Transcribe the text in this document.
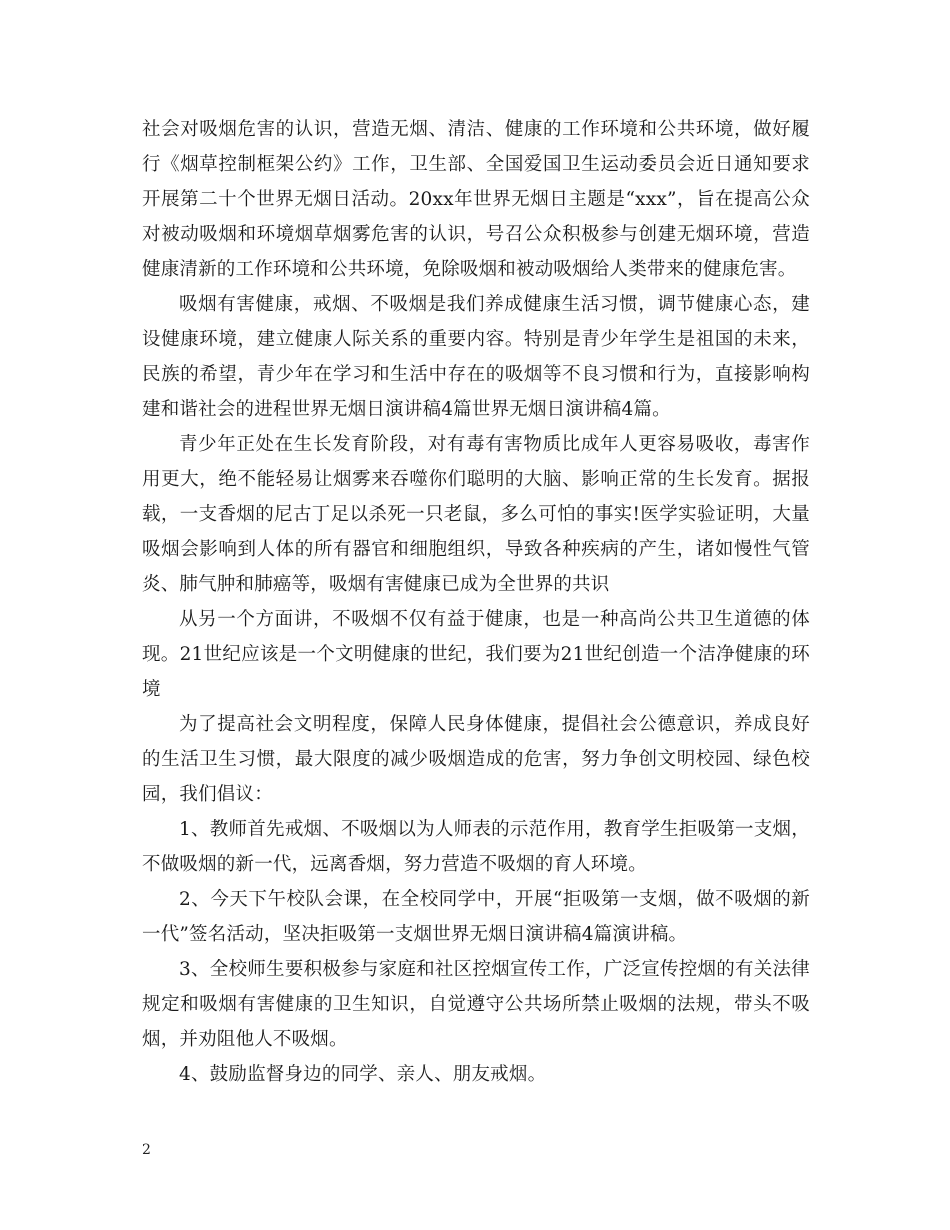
社会对吸烟危害的认识，营造无烟、清洁、健康的工作环境和公共环境，做好履行《烟草控制框架公约》工作，卫生部、全国爱国卫生运动委员会近日通知要求开展第二十个世界无烟日活动。20xx年世界无烟日主题是“xxx”，旨在提高公众对被动吸烟和环境烟草烟雾危害的认识，号召公众积极参与创建无烟环境，营造健康清新的工作环境和公共环境，免除吸烟和被动吸烟给人类带来的健康危害。

吸烟有害健康，戒烟、不吸烟是我们养成健康生活习惯，调节健康心态，建设健康环境，建立健康人际关系的重要内容。特别是青少年学生是祖国的未来，民族的希望，青少年在学习和生活中存在的吸烟等不良习惯和行为，直接影响构建和谐社会的进程世界无烟日演讲稿4篇世界无烟日演讲稿4篇。

青少年正处在生长发育阶段，对有毒有害物质比成年人更容易吸收，毒害作用更大，绝不能轻易让烟雾来吞噬你们聪明的大脑、影响正常的生长发育。据报载，一支香烟的尼古丁足以杀死一只老鼠，多么可怕的事实!医学实验证明，大量吸烟会影响到人体的所有器官和细胞组织，导致各种疾病的产生，诸如慢性气管炎、肺气肿和肺癌等，吸烟有害健康已成为全世界的共识

从另一个方面讲，不吸烟不仅有益于健康，也是一种高尚公共卫生道德的体现。21世纪应该是一个文明健康的世纪，我们要为21世纪创造一个洁净健康的环境

为了提高社会文明程度，保障人民身体健康，提倡社会公德意识，养成良好的生活卫生习惯，最大限度的减少吸烟造成的危害，努力争创文明校园、绿色校园，我们倡议：

1、教师首先戒烟、不吸烟以为人师表的示范作用，教育学生拒吸第一支烟，不做吸烟的新一代，远离香烟，努力营造不吸烟的育人环境。

2、今天下午校队会课，在全校同学中，开展“拒吸第一支烟，做不吸烟的新一代”签名活动，坚决拒吸第一支烟世界无烟日演讲稿4篇演讲稿。

3、全校师生要积极参与家庭和社区控烟宣传工作，广泛宣传控烟的有关法律规定和吸烟有害健康的卫生知识，自觉遵守公共场所禁止吸烟的法规，带头不吸烟，并劝阻他人不吸烟。

4、鼓励监督身边的同学、亲人、朋友戒烟。

2
